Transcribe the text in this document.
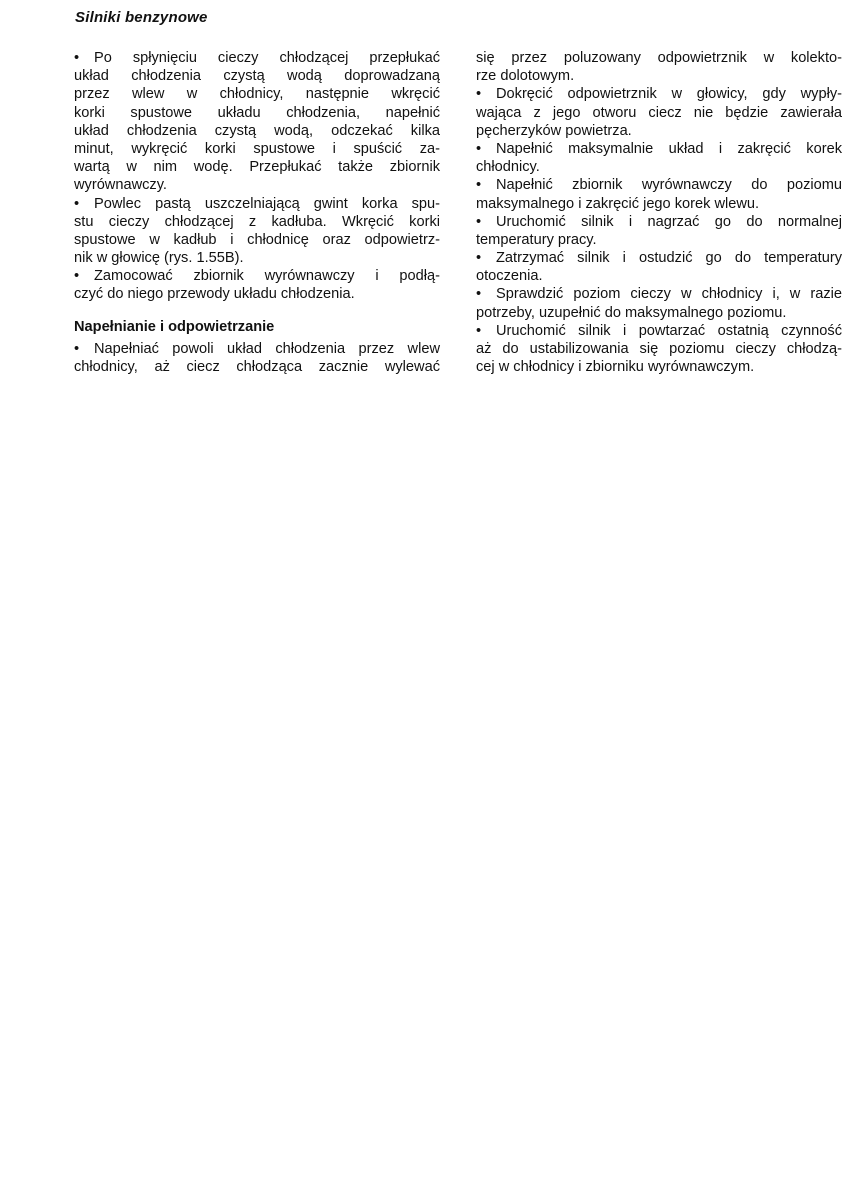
Silniki benzynowe
• Po spłynięciu cieczy chłodzącej przepłukać
układ chłodzenia czystą wodą doprowadzaną
przez wlew w chłodnicy, następnie wkręcić
korki spustowe układu chłodzenia, napełnić
układ chłodzenia czystą wodą, odczekać kilka
minut, wykręcić korki spustowe i spuścić za-
wartą w nim wodę. Przepłukać także zbiornik
wyrównawczy.
• Powlec pastą uszczelniającą gwint korka spu-
stu cieczy chłodzącej z kadłuba. Wkręcić korki
spustowe w kadłub i chłodnicę oraz odpowietrz-
nik w głowicę (rys. 1.55B).
• Zamocować zbiornik wyrównawczy i podłą-
czyć do niego przewody układu chłodzenia.
Napełnianie i odpowietrzanie
• Napełniać powoli układ chłodzenia przez wlew
chłodnicy, aż ciecz chłodząca zacznie wylewać
się przez poluzowany odpowietrznik w kolekto-
rze dolotowym.
• Dokręcić odpowietrznik w głowicy, gdy wypły-
wająca z jego otworu ciecz nie będzie zawierała
pęcherzyków powietrza.
• Napełnić maksymalnie układ i zakręcić korek
chłodnicy.
• Napełnić zbiornik wyrównawczy do poziomu
maksymalnego i zakręcić jego korek wlewu.
• Uruchomić silnik i nagrzać go do normalnej
temperatury pracy.
• Zatrzymać silnik i ostudzić go do temperatury
otoczenia.
• Sprawdzić poziom cieczy w chłodnicy i, w razie
potrzeby, uzupełnić do maksymalnego poziomu.
• Uruchomić silnik i powtarzać ostatnią czynność
aż do ustabilizowania się poziomu cieczy chłodzą-
cej w chłodnicy i zbiorniku wyrównawczym.
